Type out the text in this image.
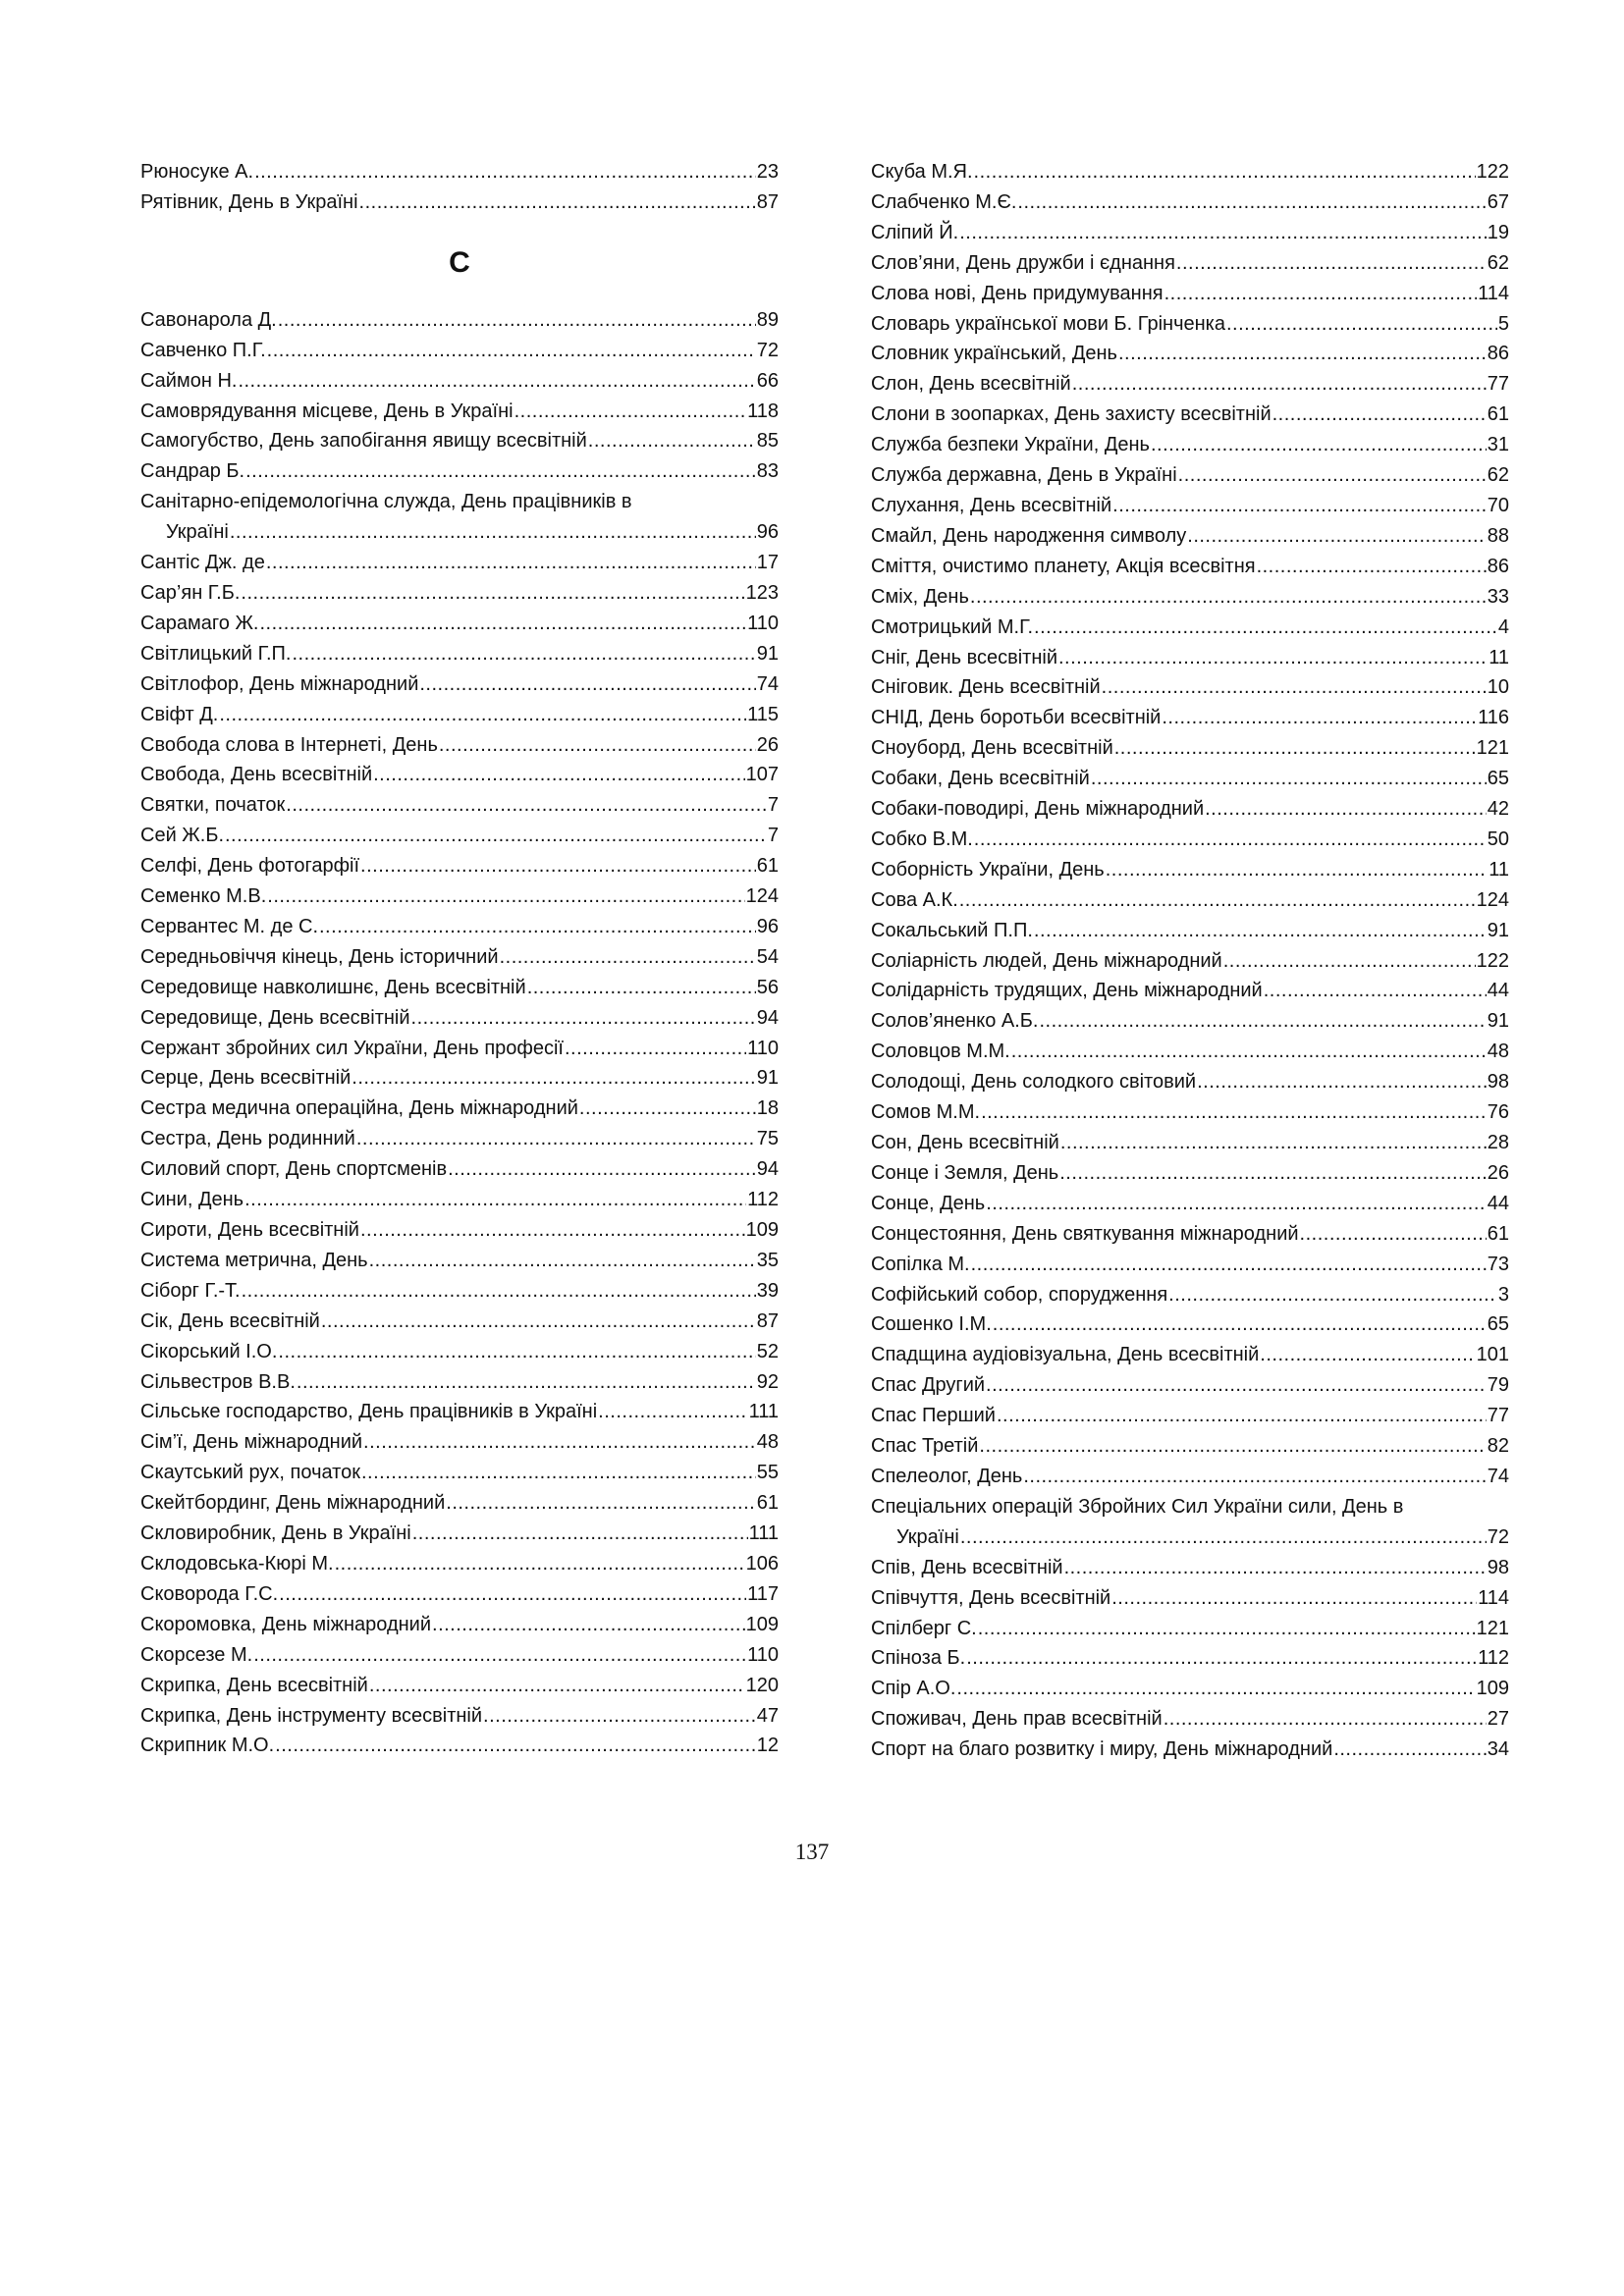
Рюносуке А. .....	23
Рятівник, День в Україні .....	87
С
Савонарола Д. .....	89
Савченко П.Г. .....	72
Саймон Н. .....	66
Самоврядування місцеве, День в Україні .....	118
Самогубство, День запобігання явищу всесвітній .....	85
Сандрар Б. .....	83
Санітарно-епідемологічна служда, День працівників в
Україні .....	96
Сантіс Дж. де .....	17
Сар’ян Г.Б. .....	123
Сарамаго Ж. .....	110
Світлицький Г.П. .....	91
Світлофор, День міжнародний .....	74
Свіфт Д. .....	115
Свобода слова в Інтернеті, День .....	26
Свобода, День всесвітній .....	107
Святки, початок .....	7
Сей Ж.Б. .....	7
Селфі, День фотогарфії .....	61
Семенко М.В. .....	124
Сервантес М. де С. .....	96
Середньовіччя кінець, День історичний .....	54
Середовище навколишнє, День всесвітній .....	56
Середовище, День всесвітній .....	94
Сержант збройних сил України, День професії .....	110
Серце, День всесвітній .....	91
Сестра медична операційна, День міжнародний .....	18
Сестра, День родинний .....	75
Силовий спорт, День спортсменів .....	94
Сини, День .....	112
Сироти, День всесвітній .....	109
Система метрична, День .....	35
Сіборг Г.-Т. .....	39
Сік, День всесвітній .....	87
Сікорський І.О. .....	52
Сільвестров В.В. .....	92
Сільське господарство, День працівників в Україні .....	111
Сім’ї, День міжнародний .....	48
Скаутський рух, початок .....	55
Скейтбординг, День міжнародний .....	61
Скловиробник, День в Україні .....	111
Склодовська-Кюрі М. .....	106
Сковорода Г.С. .....	117
Скоромовка, День міжнародний .....	109
Скорсезе М. .....	110
Скрипка, День всесвітній .....	120
Скрипка, День інструменту всесвітній .....	47
Скрипник М.О. .....	12
Скуба М.Я. .....	122
Слабченко М.Є. .....	67
Сліпий Й. .....	19
Слов’яни, День дружби і єднання .....	62
Слова нові, День придумування .....	114
Словарь української мови Б. Грінченка .....	5
Словник український, День .....	86
Слон, День всесвітній .....	77
Слони в зоопарках, День захисту всесвітній .....	61
Служба безпеки України, День .....	31
Служба державна, День в Україні .....	62
Слухання, День всесвітній .....	70
Смайл, День народження символу .....	88
Сміття, очистимо планету, Акція всесвітня .....	86
Сміх, День .....	33
Смотрицький М.Г. .....	4
Сніг, День всесвітній .....	11
Сніговик. День всесвітній .....	10
СНІД, День боротьби всесвітній .....	116
Сноуборд, День всесвітній .....	121
Собаки, День всесвітній .....	65
Собаки-поводирі, День міжнародний .....	42
Собко В.М. .....	50
Соборність України, День .....	11
Сова А.К. .....	124
Сокальський П.П. .....	91
Соліарність людей, День міжнародний .....	122
Солідарність трудящих, День міжнародний .....	44
Солов’яненко А.Б. .....	91
Соловцов М.М. .....	48
Солодощі, День солодкого світовий .....	98
Сомов М.М. .....	76
Сон, День всесвітній .....	28
Сонце і Земля, День .....	26
Сонце, День .....	44
Сонцестояння, День святкування міжнародний .....	61
Сопілка М. .....	73
Софійський собор, спорудження .....	3
Сошенко І.М. .....	65
Спадщина аудіовізуальна, День всесвітній .....	101
Спас Другий .....	79
Спас Перший .....	77
Спас Третій .....	82
Спелеолог, День .....	74
Спеціальних операцій Збройних Сил України сили, День в
Україні .....	72
Спів, День всесвітній .....	98
Співчуття, День всесвітній .....	114
Спілберг С. .....	121
Спіноза Б. .....	112
Спір А.О. .....	109
Споживач, День прав всесвітній .....	27
Спорт на благо розвитку і миру, День міжнародний .....	34
137
